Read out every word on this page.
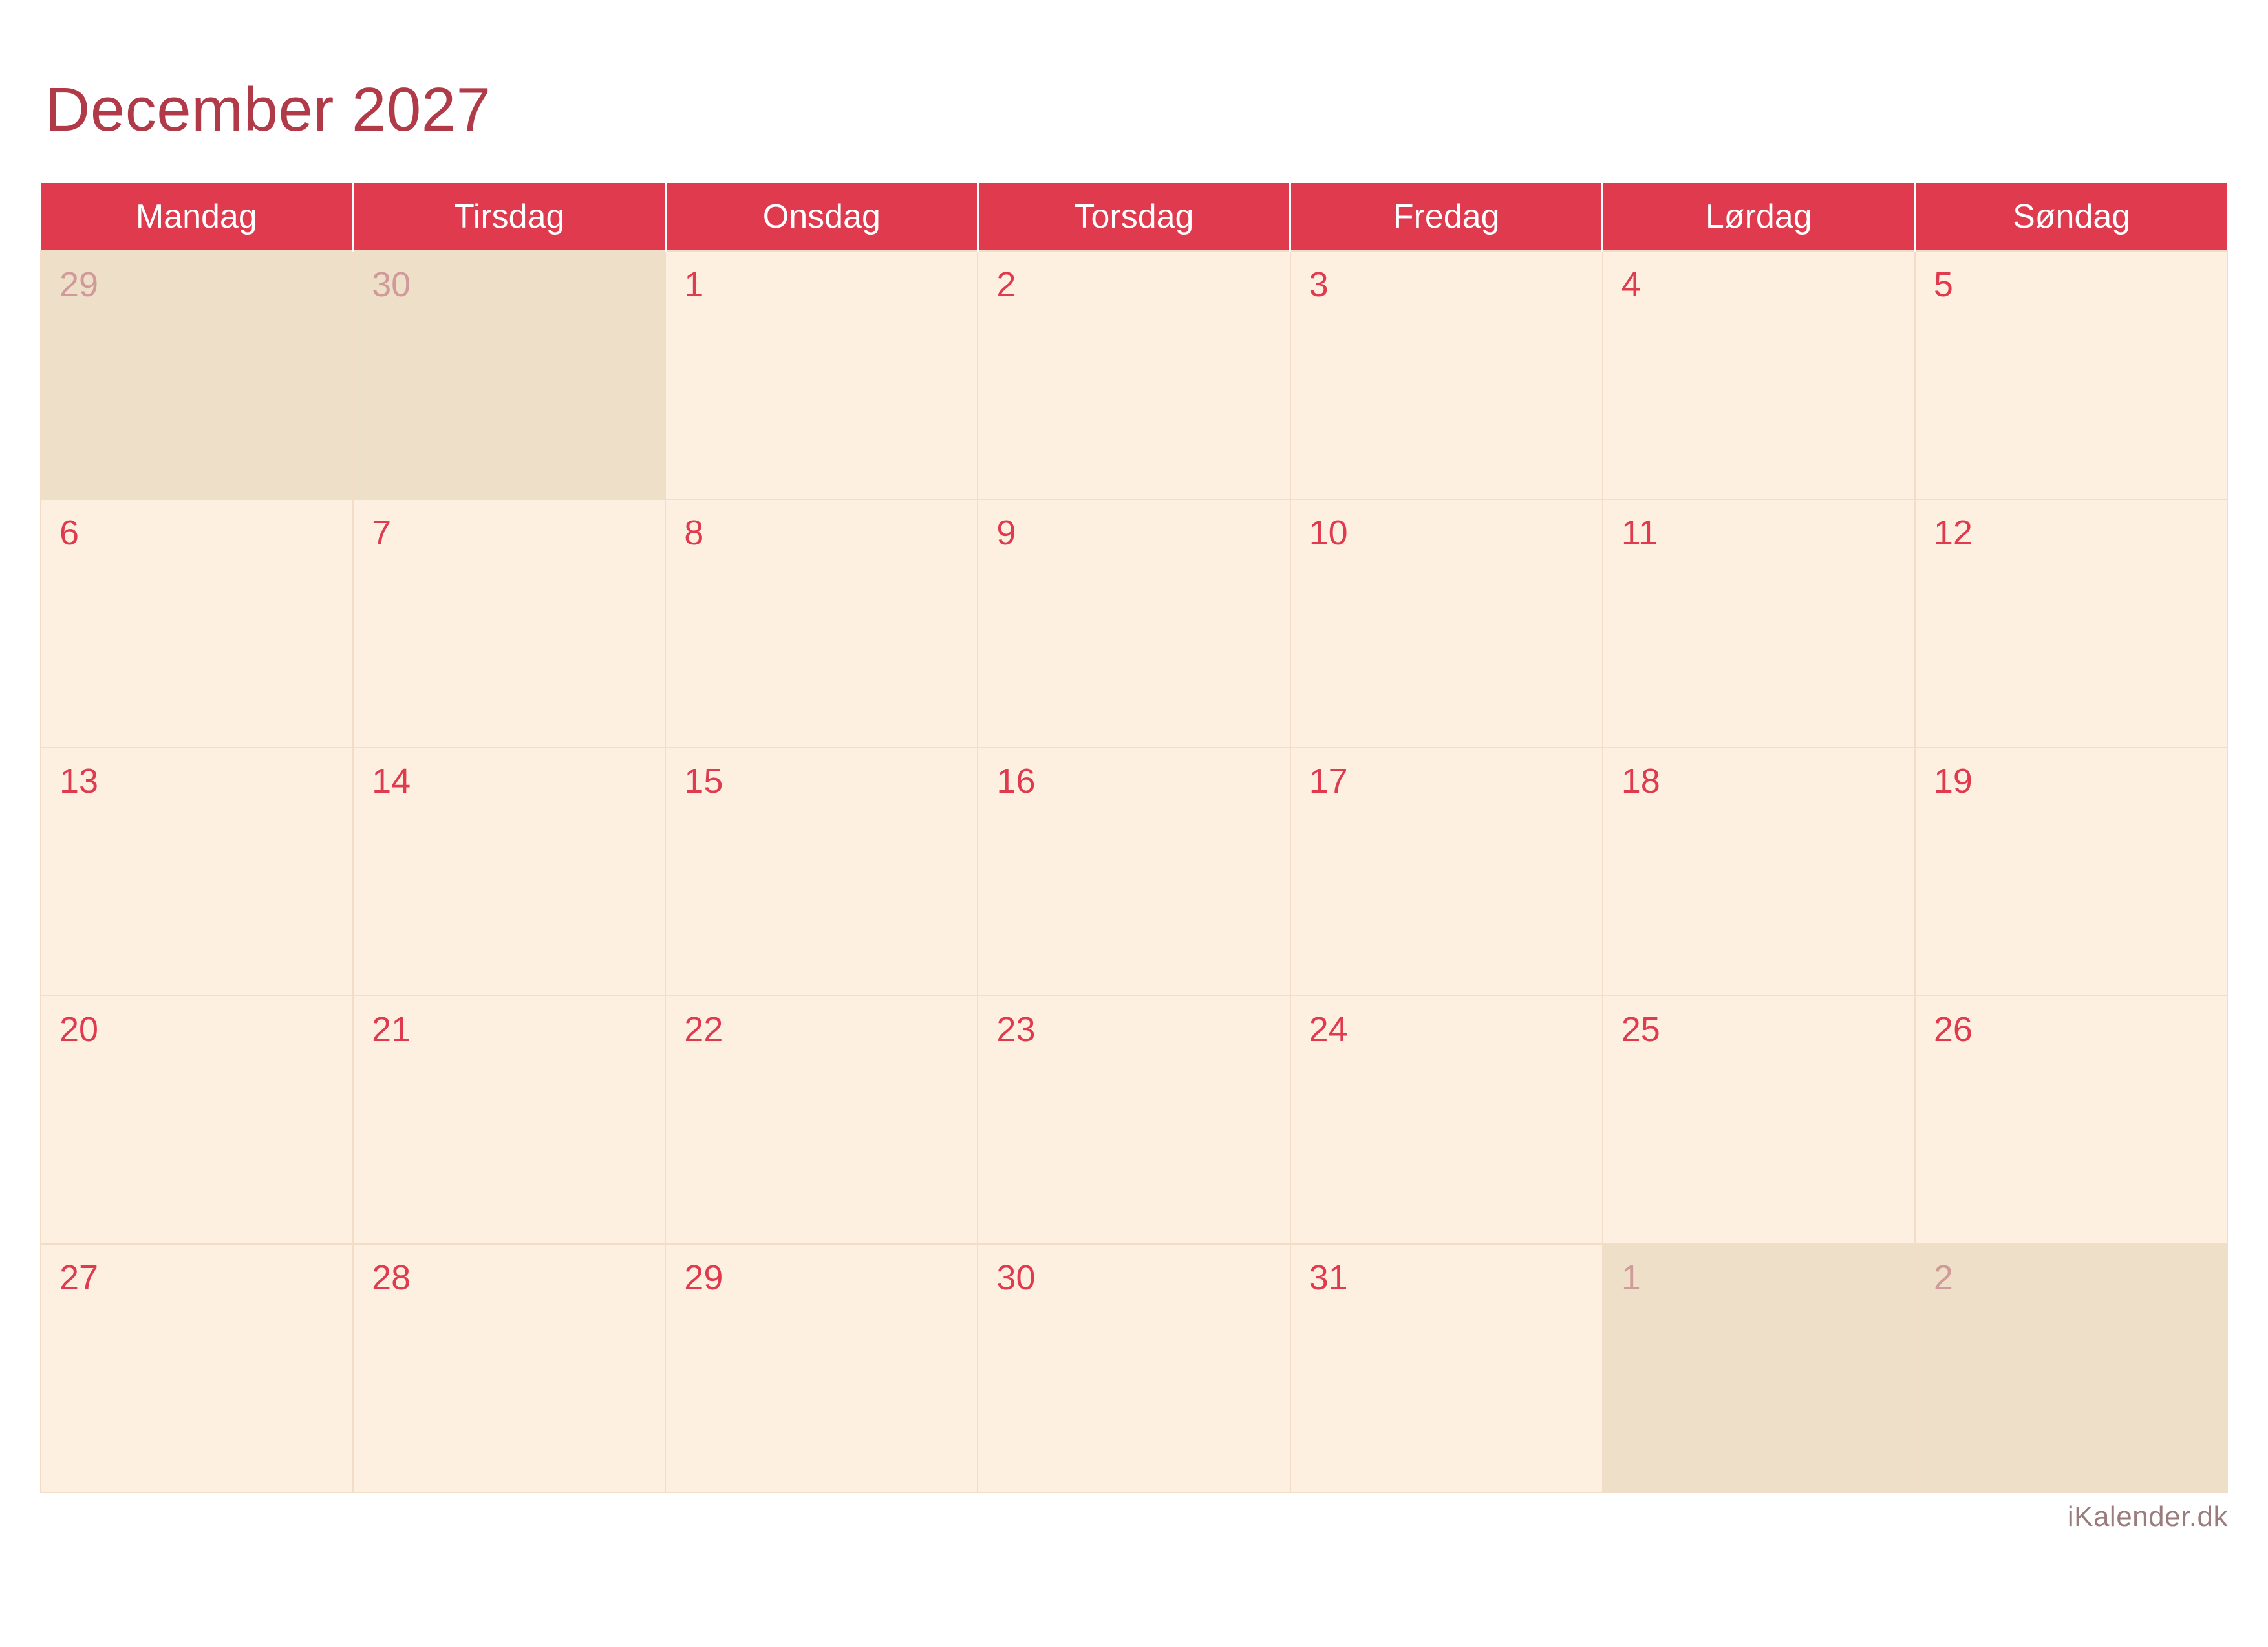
December 2027
Mandag	Tirsdag	Onsdag	Torsdag	Fredag	Lørdag	Søndag

29	30	1	2	3	4	5

6	7	8	9	10	11	12

13	14	15	16	17	18	19

20	21	22	23	24	25	26

27	28	29	30	31	1	2
iKalender.dk
